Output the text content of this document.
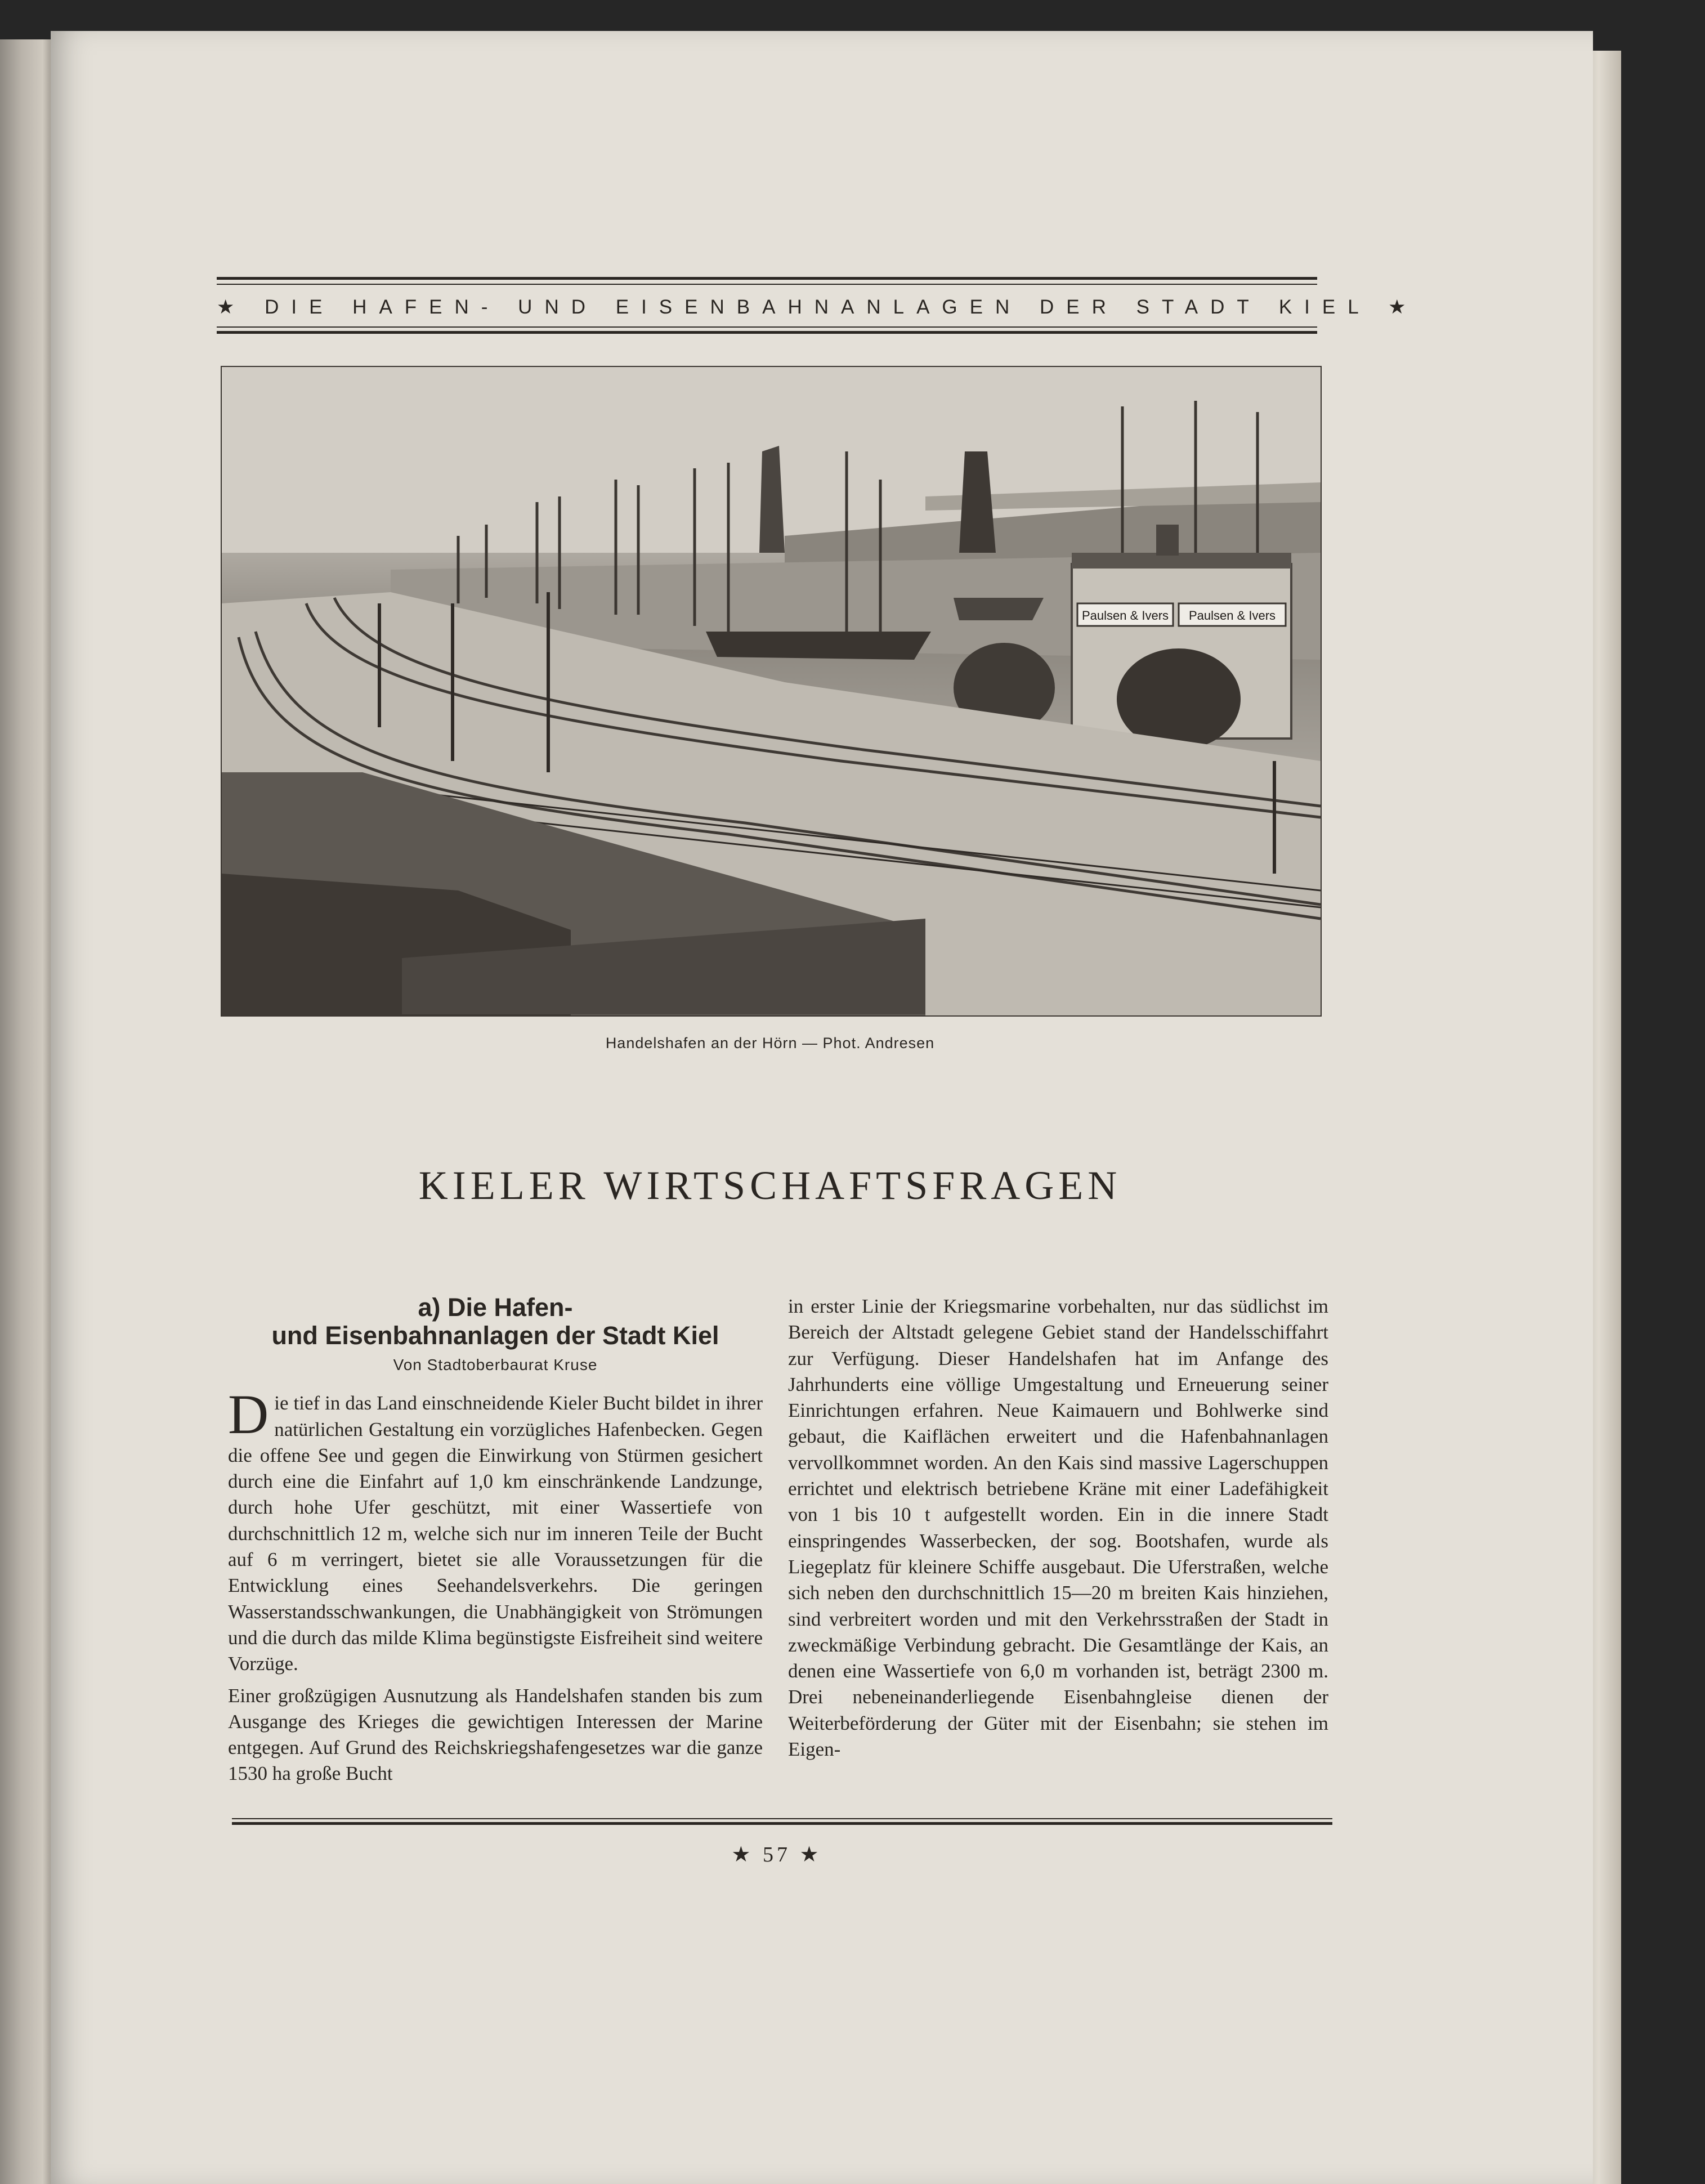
★ DIE HAFEN- UND EISENBAHNANLAGEN DER STADT KIEL ★
Paulsen & Ivers Paulsen & Ivers
Handelshafen an der Hörn — Phot. Andresen
KIELER WIRTSCHAFTSFRAGEN
a) Die Hafen-
und Eisenbahnanlagen der Stadt Kiel
Von Stadtoberbaurat Kruse

D ie tief in das Land einschneidende Kieler Bucht bildet in ihrer natürlichen Gestaltung ein vorzügliches Hafenbecken. Gegen die offene See und gegen die Einwirkung von Stürmen gesichert durch eine die Einfahrt auf 1,0 km einschränkende Landzunge, durch hohe Ufer geschützt, mit einer Wassertiefe von durchschnittlich 12 m, welche sich nur im inneren Teile der Bucht auf 6 m verringert, bietet sie alle Voraussetzungen für die Entwicklung eines Seehandelsverkehrs. Die geringen Wasserstandsschwankungen, die Unabhängigkeit von Strömungen und die durch das milde Klima begünstigste Eisfreiheit sind weitere Vorzüge.

Einer großzügigen Ausnutzung als Handelshafen standen bis zum Ausgange des Krieges die gewichtigen Interessen der Marine entgegen. Auf Grund des Reichskriegshafengesetzes war die ganze 1530 ha große Bucht

in erster Linie der Kriegsmarine vorbehalten, nur das südlichst im Bereich der Altstadt gelegene Gebiet stand der Handelsschiffahrt zur Verfügung. Dieser Handelshafen hat im Anfange des Jahrhunderts eine völlige Umgestaltung und Erneuerung seiner Einrichtungen erfahren. Neue Kaimauern und Bohlwerke sind gebaut, die Kaiflächen erweitert und die Hafenbahnanlagen vervollkommnet worden. An den Kais sind massive Lagerschuppen errichtet und elektrisch betriebene Kräne mit einer Ladefähigkeit von 1 bis 10 t aufgestellt worden. Ein in die innere Stadt einspringendes Wasserbecken, der sog. Bootshafen, wurde als Liegeplatz für kleinere Schiffe ausgebaut. Die Uferstraßen, welche sich neben den durchschnittlich 15—20 m breiten Kais hinziehen, sind verbreitert worden und mit den Verkehrsstraßen der Stadt in zweckmäßige Verbindung gebracht. Die Gesamtlänge der Kais, an denen eine Wassertiefe von 6,0 m vorhanden ist, beträgt 2300 m. Drei nebeneinanderliegende Eisenbahngleise dienen der Weiterbeförderung der Güter mit der Eisenbahn; sie stehen im Eigen-

★ 57 ★
